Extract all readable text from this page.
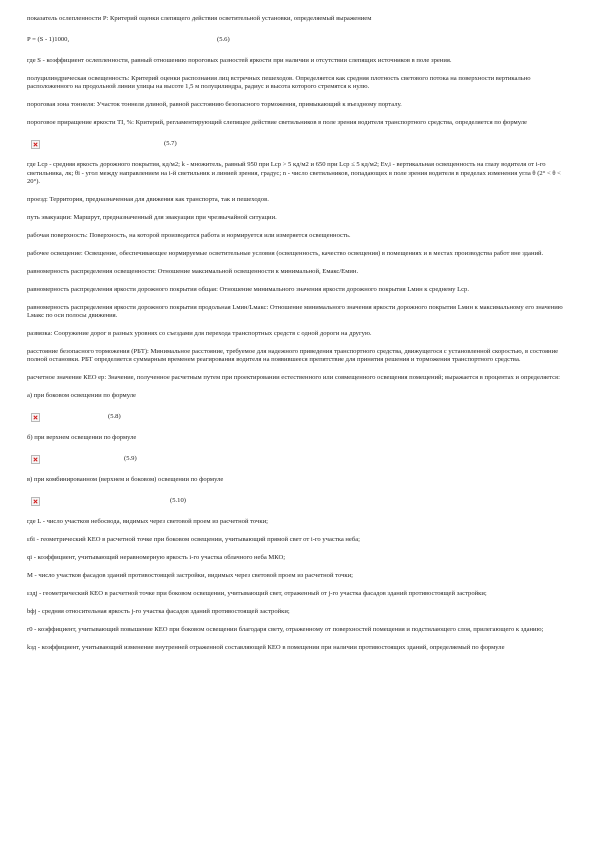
показатель ослепленности P: Критерий оценки слепящего действия осветительной установки, определяемый выражением

P = (S - 1)1000,	(5.6)

где S - коэффициент ослепленности, равный отношению пороговых разностей яркости при наличии и отсутствии слепящих источников в поле зрения.

полуцилиндрическая освещенность: Критерий оценки распознания лиц встречных пешеходов. Определяется как средняя плотность светового потока на поверхности вертикально расположенного на продольной линии улицы на высоте 1,5 м полуцилиндра, радиус и высота которого стремятся к нулю.

пороговая зона тоннеля: Участок тоннеля длиной, равной расстоянию безопасного торможения, примыкающий к въездному порталу.

пороговое приращение яркости TI, %: Критерий, регламентирующий слепящее действие светильников в поле зрения водителя транспортного средства, определяется по формуле

(5.7)

где Lср - средняя яркость дорожного покрытия, кд/м2; k - множитель, равный 950 при Lср > 5 кд/м2 и 650 при Lср ≤ 5 кд/м2; Ev,i - вертикальная освещенность на глазу водителя от i-го светильника, лк; θi - угол между направлением на i-й светильник и линией зрения, градус; n - число светильников, попадающих в поле зрения водителя в пределах изменения угла θ (2° < θ < 20°).

проезд: Территория, предназначенная для движения как транспорта, так и пешеходов.

путь эвакуации: Маршрут, предназначенный для эвакуации при чрезвычайной ситуации.

рабочая поверхность: Поверхность, на которой производится работа и нормируется или измеряется освещенность.

рабочее освещение: Освещение, обеспечивающее нормируемые осветительные условия (освещенность, качество освещения) в помещениях и в местах производства работ вне зданий.

равномерность распределения освещенности: Отношение максимальной освещенности к минимальной, Eмакс/Eмин.

равномерность распределения яркости дорожного покрытия общая: Отношение минимального значения яркости дорожного покрытия Lмин к среднему Lср.

равномерность распределения яркости дорожного покрытия продольная Lмин/Lмакс: Отношение минимального значения яркости дорожного покрытия Lмин к максимальному его значению Lмакс по оси полосы движения.

развязка: Сооружение дорог в разных уровнях со съездами для перехода транспортных средств с одной дороги на другую.

расстояние безопасного торможения (РБТ): Минимальное расстояние, требуемое для надежного приведения транспортного средства, движущегося с установленной скоростью, в состояние полной остановки. РБТ определяется суммарным временем реагирования водителя на появившееся препятствие для принятия решения и торможения транспортного средства.

расчетное значение КЕО eр: Значение, полученное расчетным путем при проектировании естественного или совмещенного освещения помещений; выражается в процентах и определяется:

а) при боковом освещении по формуле

(5.8)

б) при верхнем освещении по формуле

(5.9)

в) при комбинированном (верхнем и боковом) освещении по формуле

(5.10)

где L - число участков небосвода, видимых через световой проем из расчетной точки;

εбi - геометрический КЕО в расчетной точке при боковом освещении, учитывающий прямой свет от i-го участка неба;

qi - коэффициент, учитывающий неравномерную яркость i-го участка облачного неба МКО;

M - число участков фасадов зданий противостоящей застройки, видимых через световой проем из расчетной точки;

εздj - геометрический КЕО в расчетной точке при боковом освещении, учитывающий свет, отраженный от j-го участка фасадов зданий противостоящей застройки;

bфj - средняя относительная яркость j-го участка фасадов зданий противостоящей застройки;

r0 - коэффициент, учитывающий повышение КЕО при боковом освещении благодаря свету, отраженному от поверхностей помещения и подстилающего слоя, прилегающего к зданию;

kзд - коэффициент, учитывающий изменение внутренней отраженной составляющей КЕО в помещении при наличии противостоящих зданий, определяемый по формуле
